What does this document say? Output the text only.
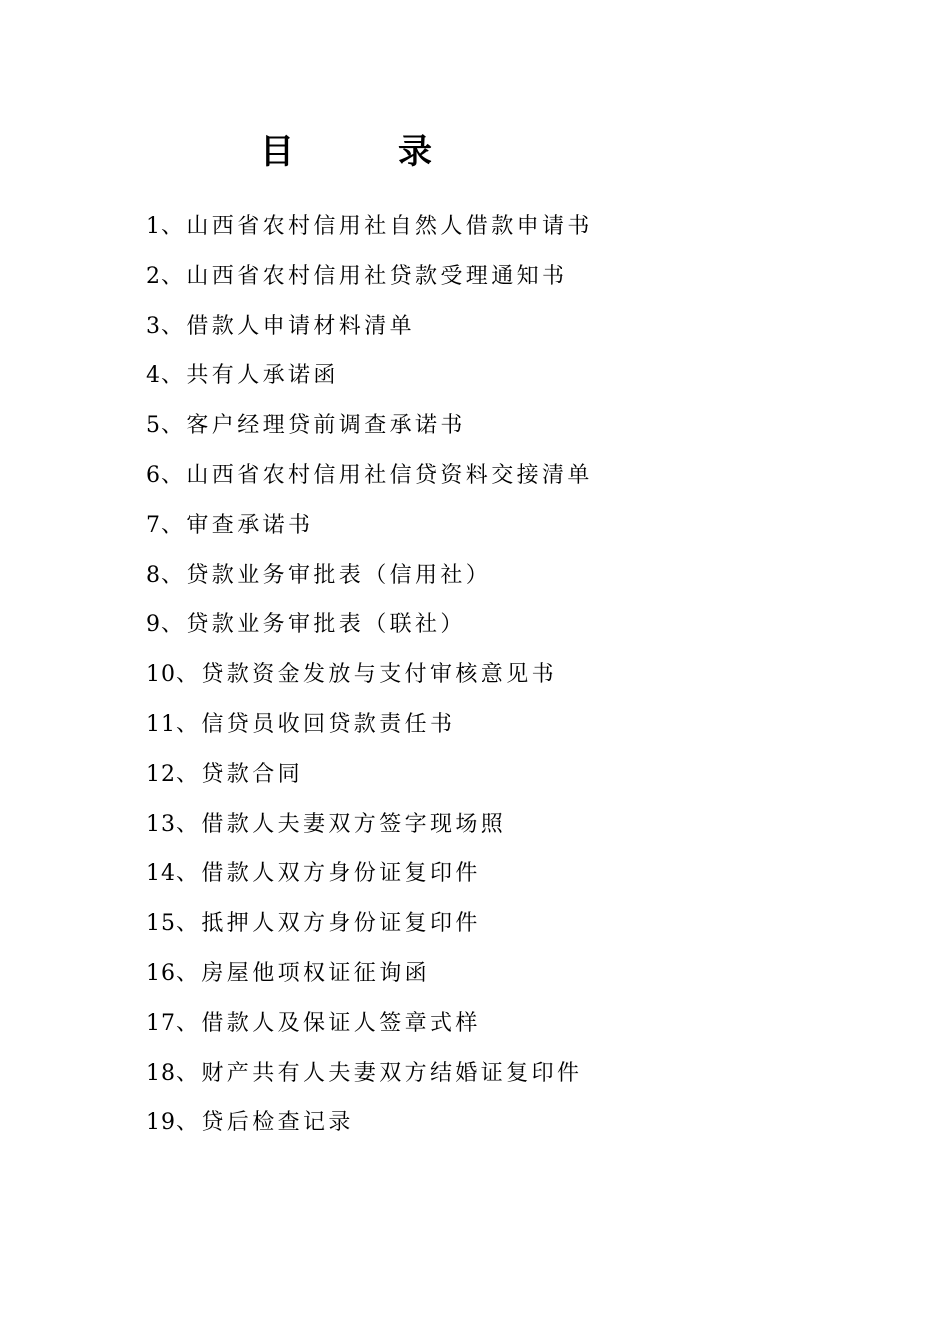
目	录
1、山西省农村信用社自然人借款申请书
2、山西省农村信用社贷款受理通知书
3、借款人申请材料清单
4、共有人承诺函
5、客户经理贷前调查承诺书
6、山西省农村信用社信贷资料交接清单
7、审查承诺书
8、贷款业务审批表（信用社）
9、贷款业务审批表（联社）
10、贷款资金发放与支付审核意见书
11、信贷员收回贷款责任书
12、贷款合同
13、借款人夫妻双方签字现场照
14、借款人双方身份证复印件
15、抵押人双方身份证复印件
16、房屋他项权证征询函
17、借款人及保证人签章式样
18、财产共有人夫妻双方结婚证复印件
19、贷后检查记录
